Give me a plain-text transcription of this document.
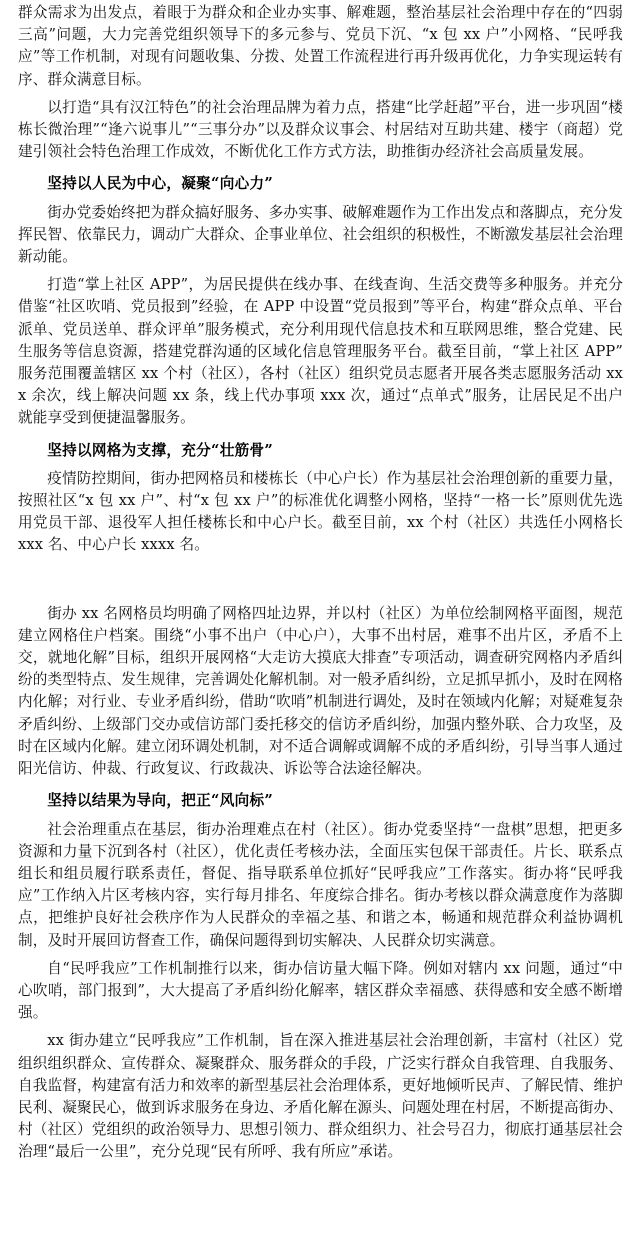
群众需求为出发点，着眼于为群众和企业办实事、解难题，整治基层社会治理中存在的“四弱三高”问题，大力完善党组织领导下的多元参与、党员下沉、“x 包 xx 户”小网格、“民呼我应”等工作机制，对现有问题收集、分拨、处置工作流程进行再升级再优化，力争实现运转有序、群众满意目标。

以打造“具有汉江特色”的社会治理品牌为着力点，搭建“比学赶超”平台，进一步巩固“楼栋长微治理”“逢六说事儿”“三事分办”以及群众议事会、村居结对互助共建、楼宇（商超）党建引领社会特色治理工作成效，不断优化工作方式方法，助推街办经济社会高质量发展。

坚持以人民为中心，凝聚“向心力”

街办党委始终把为群众搞好服务、多办实事、破解难题作为工作出发点和落脚点，充分发挥民智、依靠民力，调动广大群众、企事业单位、社会组织的积极性，不断激发基层社会治理新动能。

打造“掌上社区 APP”，为居民提供在线办事、在线查询、生活交费等多种服务。并充分借鉴“社区吹哨、党员报到”经验，在 APP 中设置“党员报到”等平台，构建“群众点单、平台派单、党员送单、群众评单”服务模式，充分利用现代信息技术和互联网思维，整合党建、民生服务等信息资源，搭建党群沟通的区域化信息管理服务平台。截至目前，“掌上社区 APP”服务范围覆盖辖区 xx 个村（社区），各村（社区）组织党员志愿者开展各类志愿服务活动 xxx 余次，线上解决问题 xx 条，线上代办事项 xxx 次，通过“点单式”服务，让居民足不出户就能享受到便捷温馨服务。

坚持以网格为支撑，充分“壮筋骨”

疫情防控期间，街办把网格员和楼栋长（中心户长）作为基层社会治理创新的重要力量，按照社区“x 包 xx 户”、村“x 包 xx 户”的标准优化调整小网格，坚持“一格一长”原则优先选用党员干部、退役军人担任楼栋长和中心户长。截至目前，xx 个村（社区）共选任小网格长 xxx 名、中心户长 xxxx 名。

街办 xx 名网格员均明确了网格四址边界，并以村（社区）为单位绘制网格平面图，规范建立网格住户档案。围绕“小事不出户（中心户），大事不出村居，难事不出片区，矛盾不上交，就地化解”目标，组织开展网格“大走访大摸底大排查”专项活动，调查研究网格内矛盾纠纷的类型特点、发生规律，完善调处化解机制。对一般矛盾纠纷，立足抓早抓小，及时在网格内化解；对行业、专业矛盾纠纷，借助“吹哨”机制进行调处，及时在领域内化解；对疑难复杂矛盾纠纷、上级部门交办或信访部门委托移交的信访矛盾纠纷，加强内整外联、合力攻坚，及时在区域内化解。建立闭环调处机制，对不适合调解或调解不成的矛盾纠纷，引导当事人通过阳光信访、仲裁、行政复议、行政裁决、诉讼等合法途径解决。

坚持以结果为导向，把正“风向标”

社会治理重点在基层，街办治理难点在村（社区）。街办党委坚持“一盘棋”思想，把更多资源和力量下沉到各村（社区），优化责任考核办法，全面压实包保干部责任。片长、联系点组长和组员履行联系责任，督促、指导联系单位抓好“民呼我应”工作落实。街办将“民呼我应”工作纳入片区考核内容，实行每月排名、年度综合排名。街办考核以群众满意度作为落脚点，把维护良好社会秩序作为人民群众的幸福之基、和谐之本，畅通和规范群众利益协调机制，及时开展回访督查工作，确保问题得到切实解决、人民群众切实满意。

自“民呼我应”工作机制推行以来，街办信访量大幅下降。例如对辖内 xx 问题，通过“中心吹哨，部门报到”，大大提高了矛盾纠纷化解率，辖区群众幸福感、获得感和安全感不断增强。

xx 街办建立“民呼我应”工作机制，旨在深入推进基层社会治理创新，丰富村（社区）党组织组织群众、宣传群众、凝聚群众、服务群众的手段，广泛实行群众自我管理、自我服务、自我监督，构建富有活力和效率的新型基层社会治理体系，更好地倾听民声、了解民情、维护民利、凝聚民心，做到诉求服务在身边、矛盾化解在源头、问题处理在村居，不断提高街办、村（社区）党组织的政治领导力、思想引领力、群众组织力、社会号召力，彻底打通基层社会治理“最后一公里”，充分兑现“民有所呼、我有所应”承诺。
